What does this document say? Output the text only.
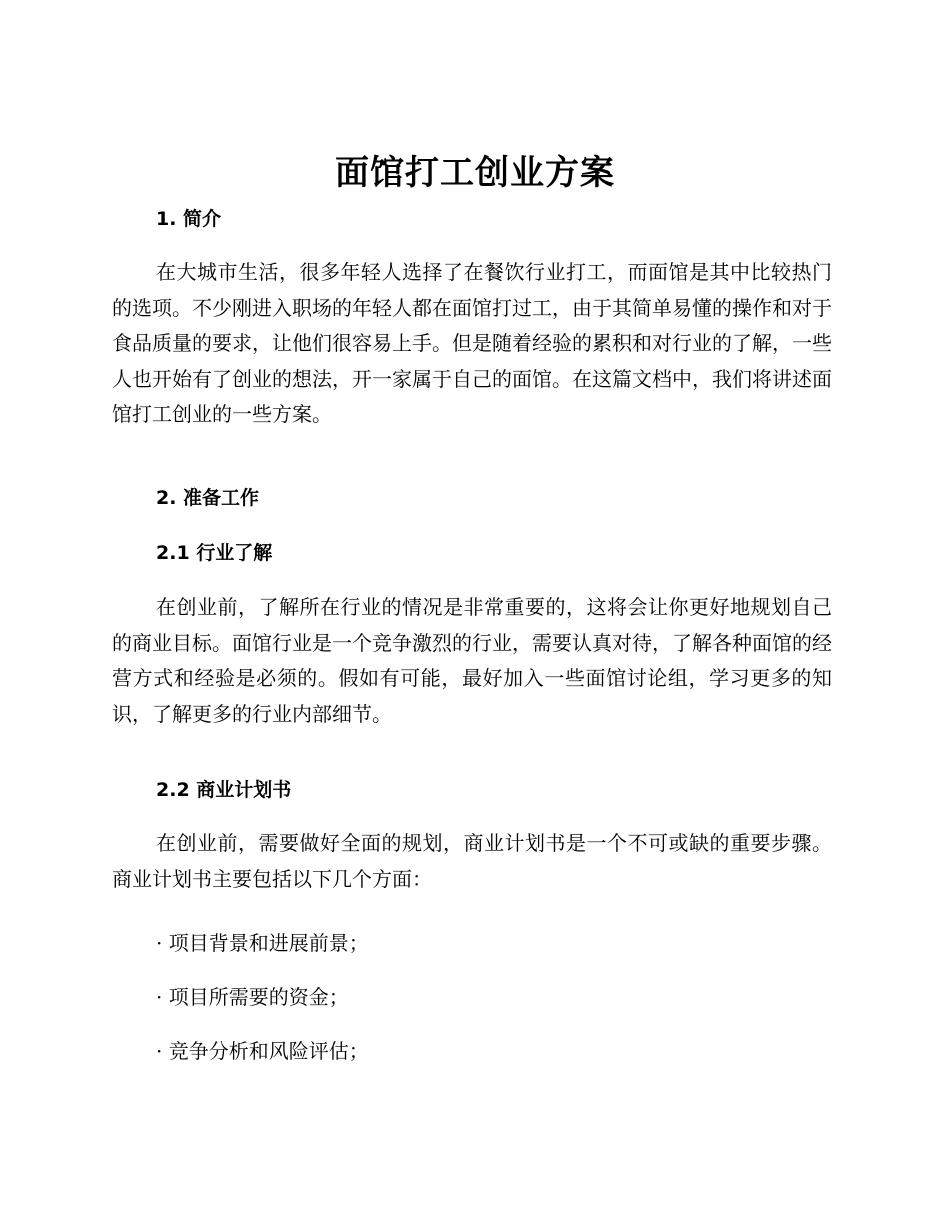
面馆打工创业方案
1. 简介

在大城市生活，很多年轻人选择了在餐饮行业打工，而面馆是其中比较热门的选项。不少刚进入职场的年轻人都在面馆打过工，由于其简单易懂的操作和对于食品质量的要求，让他们很容易上手。但是随着经验的累积和对行业的了解，一些人也开始有了创业的想法，开一家属于自己的面馆。在这篇文档中，我们将讲述面馆打工创业的一些方案。

2. 准备工作
2.1 行业了解

在创业前，了解所在行业的情况是非常重要的，这将会让你更好地规划自己的商业目标。面馆行业是一个竞争激烈的行业，需要认真对待，了解各种面馆的经营方式和经验是必须的。假如有可能，最好加入一些面馆讨论组，学习更多的知识，了解更多的行业内部细节。

2.2 商业计划书

在创业前，需要做好全面的规划，商业计划书是一个不可或缺的重要步骤。商业计划书主要包括以下几个方面：

· 项目背景和进展前景；
· 项目所需要的资金；
· 竞争分析和风险评估；
